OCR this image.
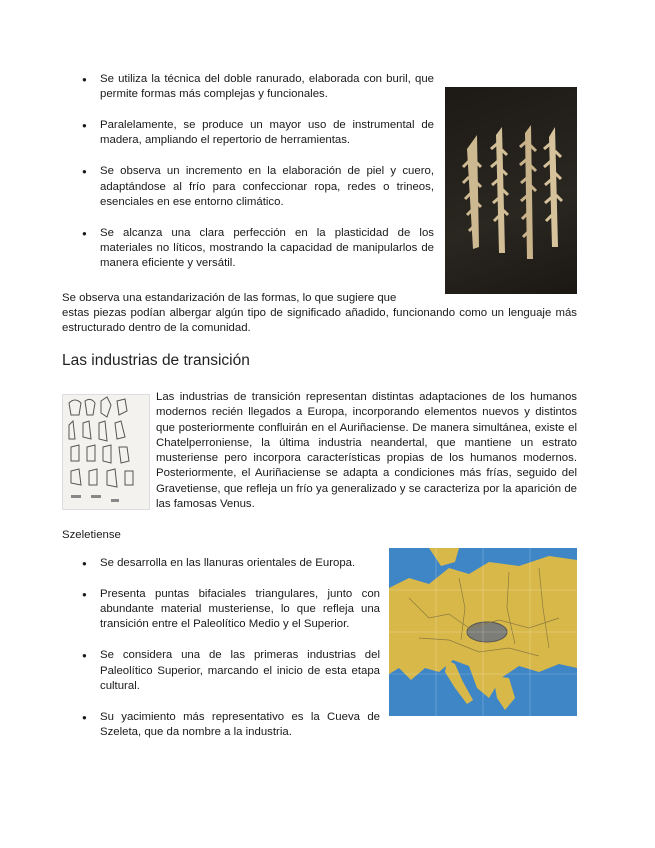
● Se utiliza la técnica del doble ranurado, elaborada con buril, que permite formas más complejas y funcionales.
● Paralelamente, se produce un mayor uso de instrumental de madera, ampliando el repertorio de herramientas.
● Se observa un incremento en la elaboración de piel y cuero, adaptándose al frío para confeccionar ropa, redes o trineos, esenciales en ese entorno climático.
● Se alcanza una clara perfección en la plasticidad de los materiales no líticos, mostrando la capacidad de manipularlos de manera eficiente y versátil.

Se observa una estandarización de las formas, lo que sugiere que

estas piezas podían albergar algún tipo de significado añadido, funcionando como un lenguaje más estructurado dentro de la comunidad.

Las industrias de transición

Las industrias de transición representan distintas adaptaciones de los humanos modernos recién llegados a Europa, incorporando elementos nuevos y distintos que posteriormente confluirán en el Auriñaciense. De manera simultánea, existe el Chatelperroniense, la última industria neandertal, que mantiene un estrato musteriense pero incorpora características propias de los humanos modernos. Posteriormente, el Auriñaciense se adapta a condiciones más frías, seguido del Gravetiense, que refleja un frío ya generalizado y se caracteriza por la aparición de las famosas Venus.

Szeletiense

● Se desarrolla en las llanuras orientales de Europa.
● Presenta puntas bifaciales triangulares, junto con abundante material musteriense, lo que refleja una transición entre el Paleolítico Medio y el Superior.
● Se considera una de las primeras industrias del Paleolítico Superior, marcando el inicio de esta etapa cultural.
● Su yacimiento más representativo es la Cueva de Szeleta, que da nombre a la industria.
